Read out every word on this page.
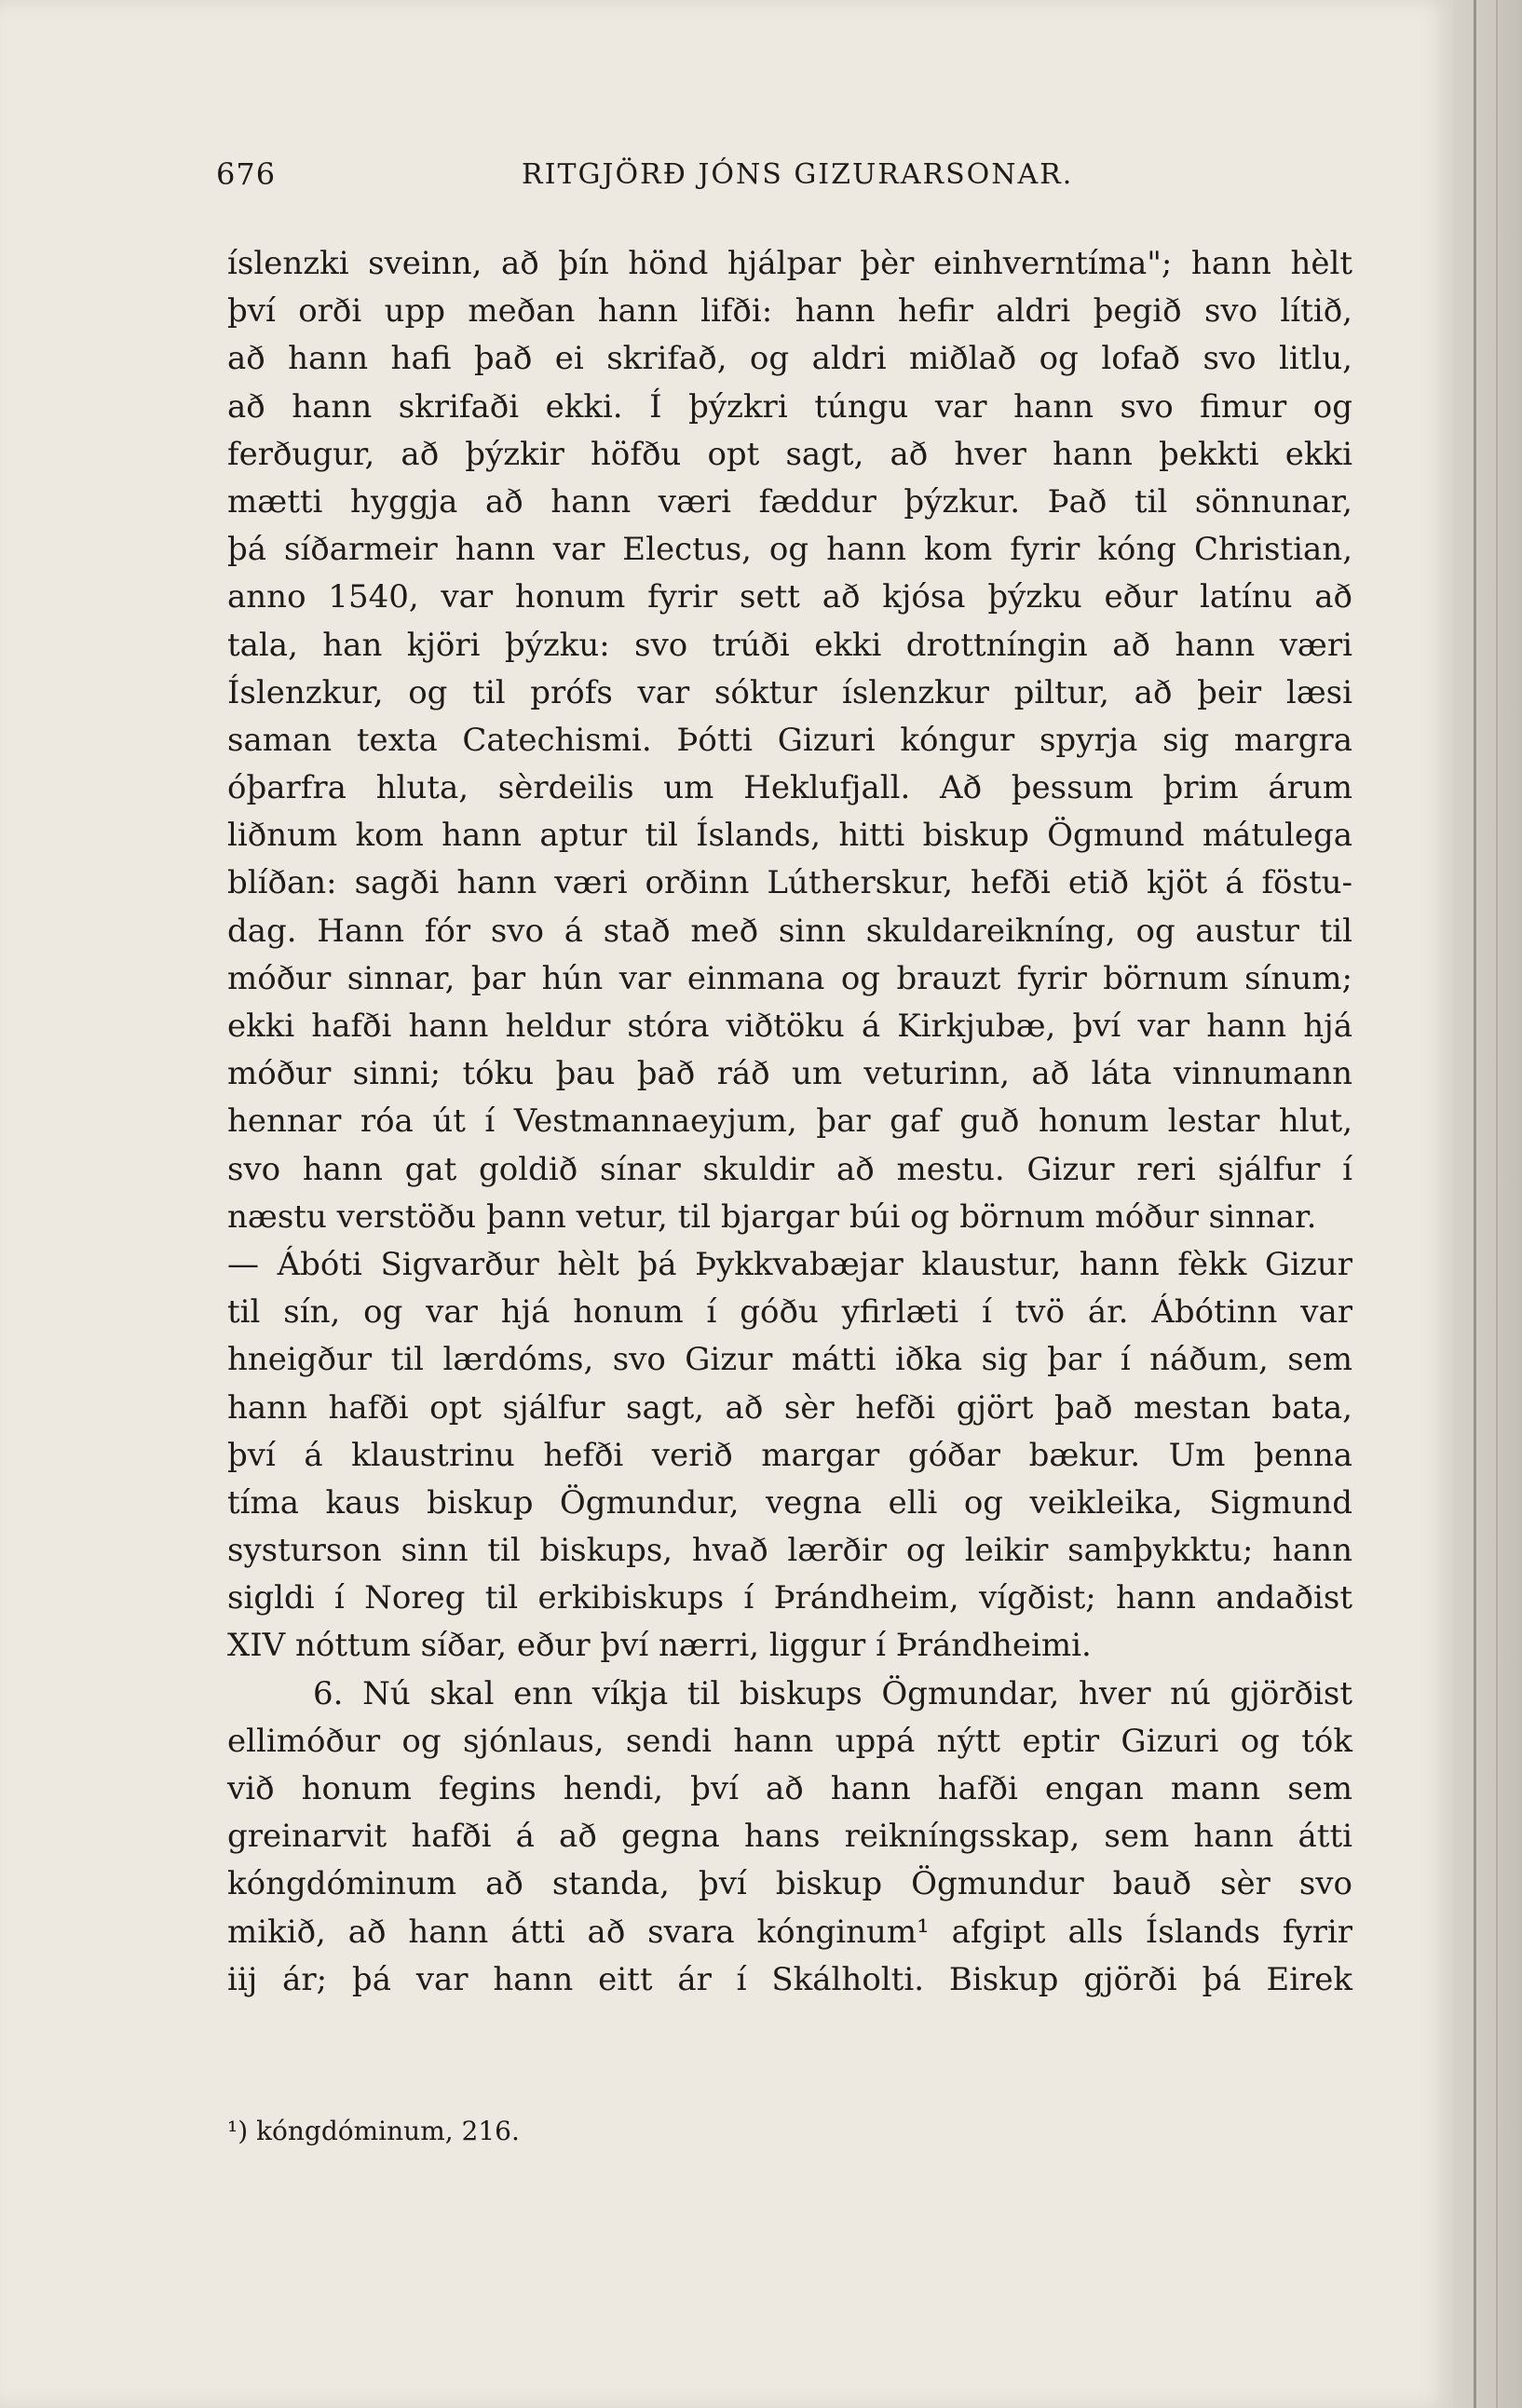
676	RITGJÖRÐ JÓNS GIZURARSONAR.
íslenzki sveinn, að þín hönd hjálpar þèr einhverntíma"; hann hèlt
því orði upp meðan hann lifði: hann hefir aldri þegið svo lítið,
að hann hafi það ei skrifað, og aldri miðlað og lofað svo litlu,
að hann skrifaði ekki. Í þýzkri túngu var hann svo fimur og
ferðugur, að þýzkir höfðu opt sagt, að hver hann þekkti ekki
mætti hyggja að hann væri fæddur þýzkur. Það til sönnunar,
þá síðarmeir hann var Electus, og hann kom fyrir kóng Christian,
anno 1540, var honum fyrir sett að kjósa þýzku eður latínu að
tala, han kjöri þýzku: svo trúði ekki drottníngin að hann væri
Íslenzkur, og til prófs var sóktur íslenzkur piltur, að þeir læsi
saman texta Catechismi. Þótti Gizuri kóngur spyrja sig margra
óþarfra hluta, sèrdeilis um Heklufjall. Að þessum þrim árum
liðnum kom hann aptur til Íslands, hitti biskup Ögmund mátulega
blíðan: sagði hann væri orðinn Lútherskur, hefði etið kjöt á föstu-
dag. Hann fór svo á stað með sinn skuldareikníng, og austur til
móður sinnar, þar hún var einmana og brauzt fyrir börnum sínum;
ekki hafði hann heldur stóra viðtöku á Kirkjubæ, því var hann hjá
móður sinni; tóku þau það ráð um veturinn, að láta vinnumann
hennar róa út í Vestmannaeyjum, þar gaf guð honum lestar hlut,
svo hann gat goldið sínar skuldir að mestu. Gizur reri sjálfur í
næstu verstöðu þann vetur, til bjargar búi og börnum móður sinnar.
— Ábóti Sigvarður hèlt þá Þykkvabæjar klaustur, hann fèkk Gizur
til sín, og var hjá honum í góðu yfirlæti í tvö ár. Ábótinn var
hneigður til lærdóms, svo Gizur mátti iðka sig þar í náðum, sem
hann hafði opt sjálfur sagt, að sèr hefði gjört það mestan bata,
því á klaustrinu hefði verið margar góðar bækur. Um þenna
tíma kaus biskup Ögmundur, vegna elli og veikleika, Sigmund
systurson sinn til biskups, hvað lærðir og leikir samþykktu; hann
sigldi í Noreg til erkibiskups í Þrándheim, vígðist; hann andaðist
XIV nóttum síðar, eður því nærri, liggur í Þrándheimi.
6. Nú skal enn víkja til biskups Ögmundar, hver nú gjörðist
ellimóður og sjónlaus, sendi hann uppá nýtt eptir Gizuri og tók
við honum fegins hendi, því að hann hafði engan mann sem
greinarvit hafði á að gegna hans reikníngsskap, sem hann átti
kóngdóminum að standa, því biskup Ögmundur bauð sèr svo
mikið, að hann átti að svara kónginum¹ afgipt alls Íslands fyrir
iij ár; þá var hann eitt ár í Skálholti. Biskup gjörði þá Eirek
¹) kóngdóminum, 216.
